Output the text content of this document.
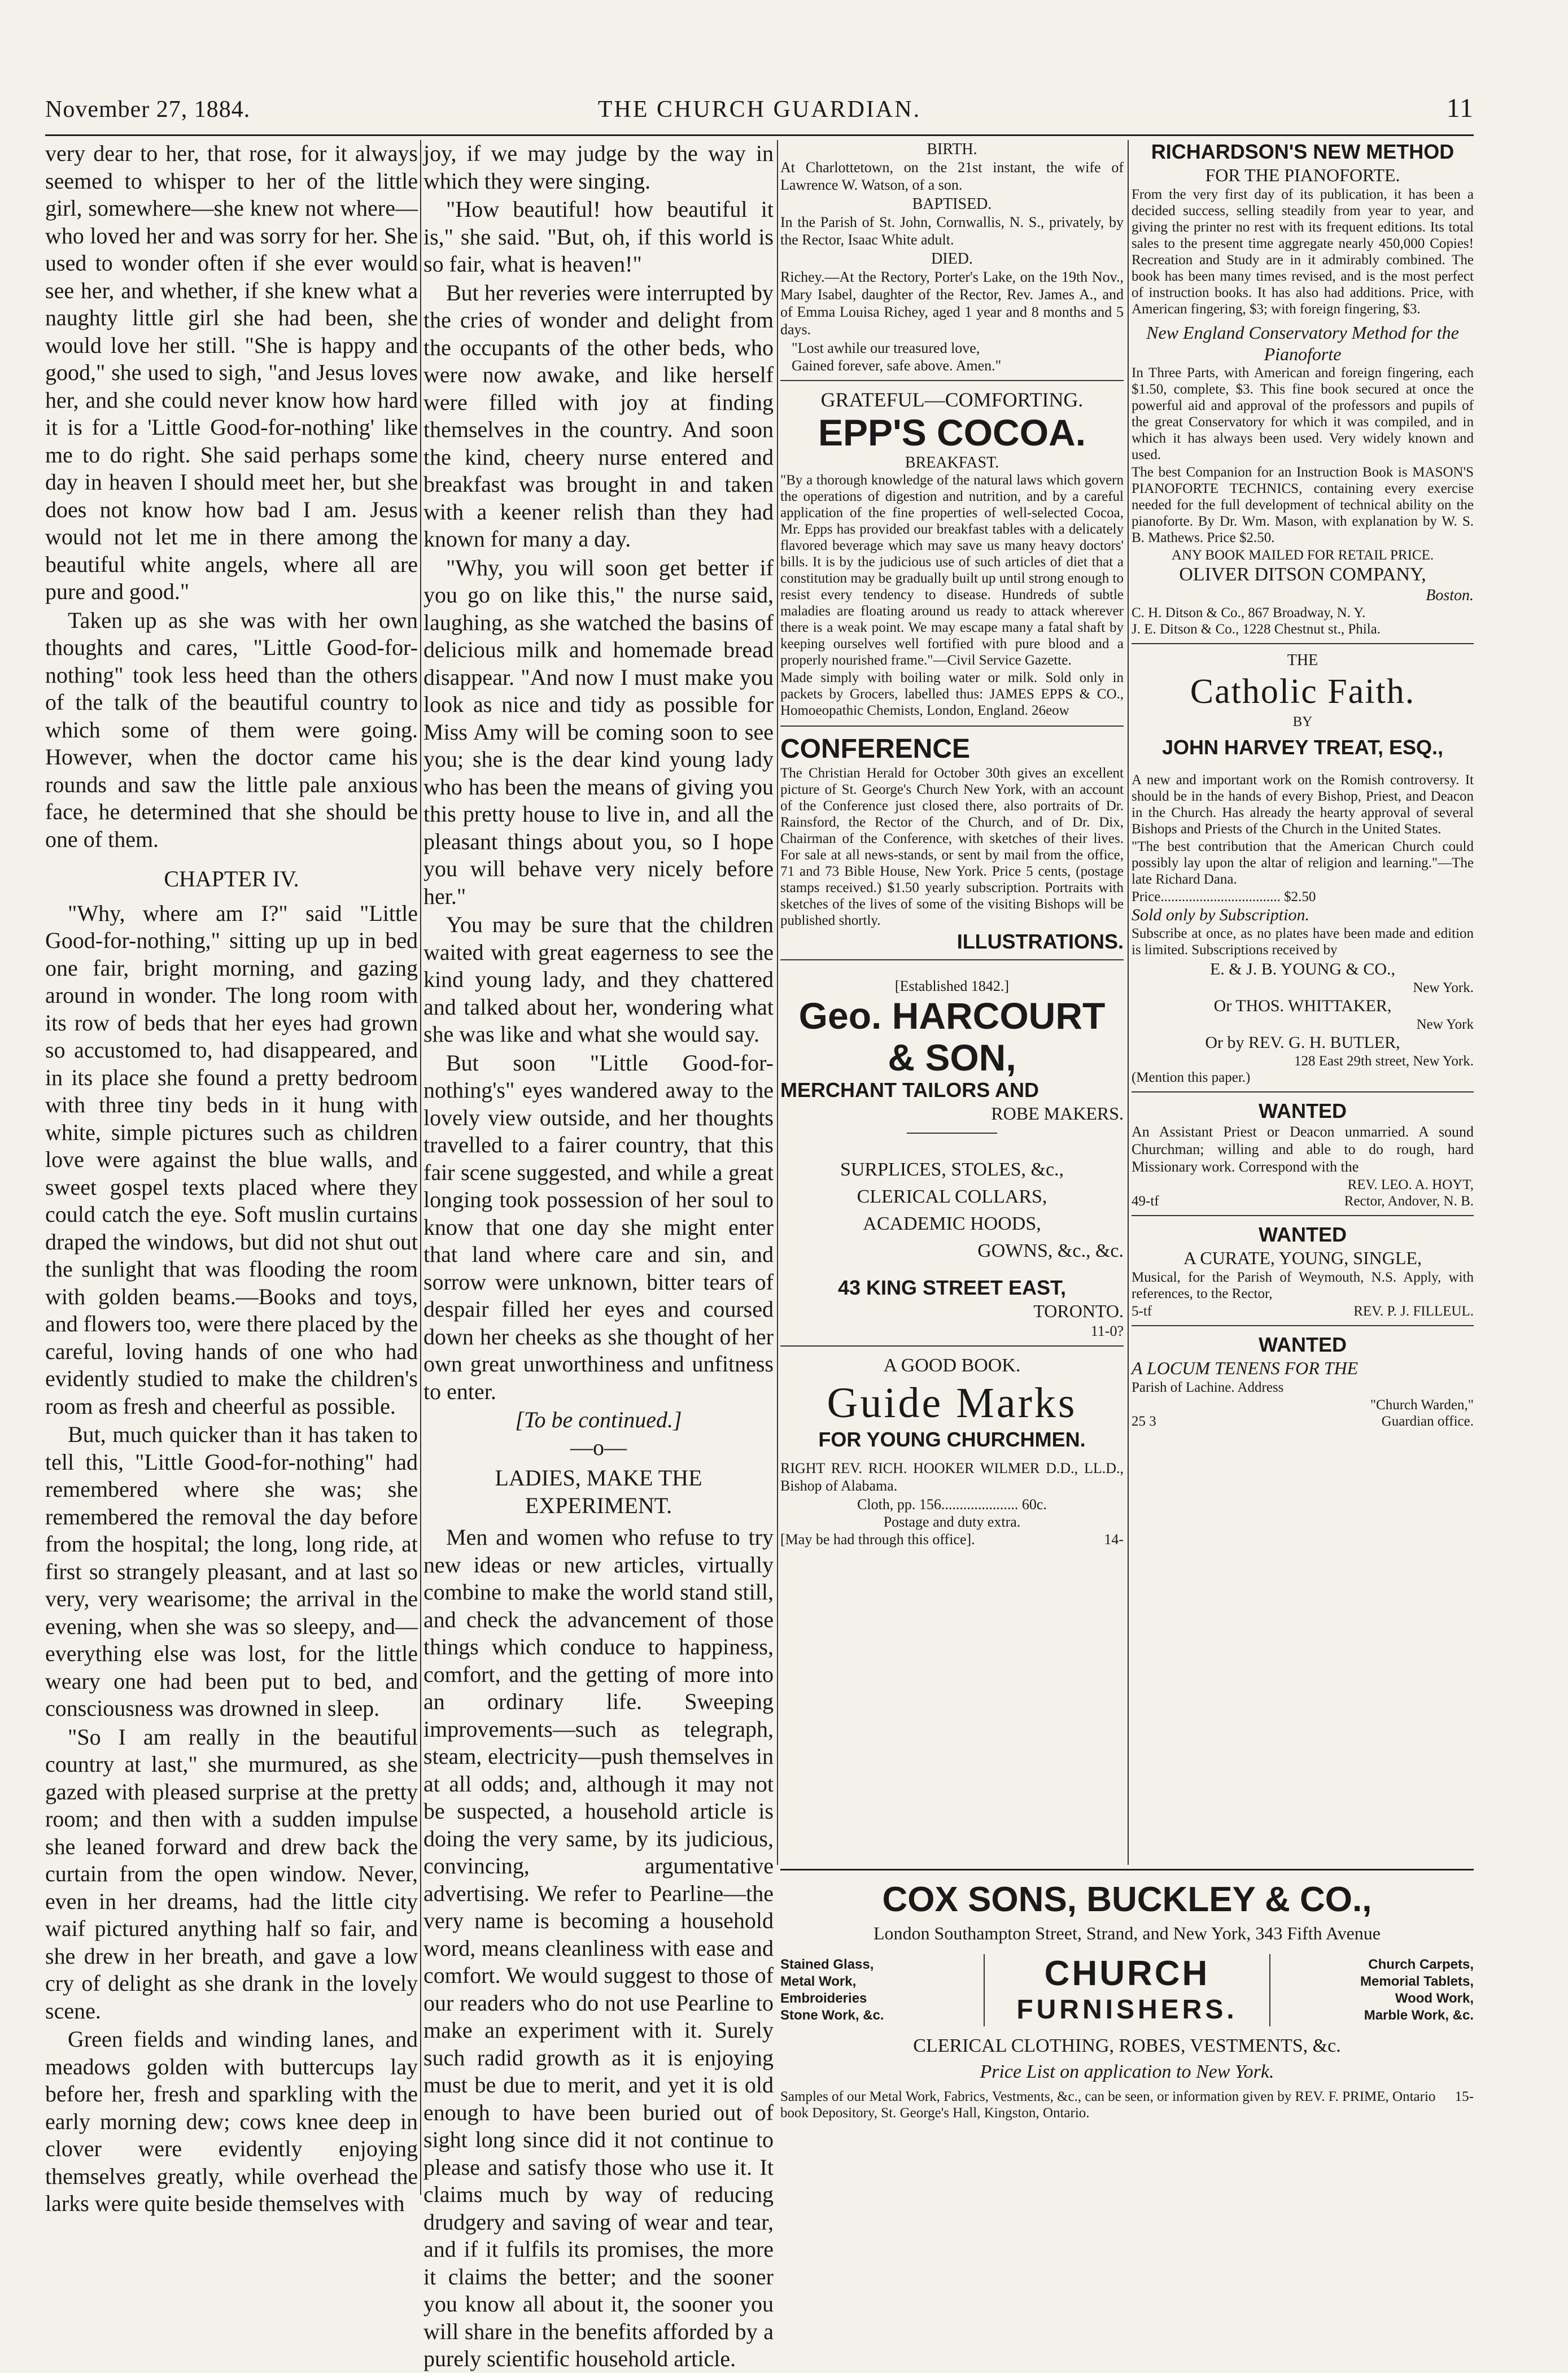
November 27, 1884.	THE CHURCH GUARDIAN.	11

very dear to her, that rose, for it always seemed to whisper to her of the little girl, somewhere—she knew not where—who loved her and was sorry for her. She used to wonder often if she ever would see her, and whether, if she knew what a naughty little girl she had been, she would love her still. "She is happy and good," she used to sigh, "and Jesus loves her, and she could never know how hard it is for a 'Little Good-for-nothing' like me to do right. She said perhaps some day in heaven I should meet her, but she does not know how bad I am. Jesus would not let me in there among the beautiful white angels, where all are pure and good."

Taken up as she was with her own thoughts and cares, "Little Good-for-nothing" took less heed than the others of the talk of the beautiful country to which some of them were going. However, when the doctor came his rounds and saw the little pale anxious face, he determined that she should be one of them.

CHAPTER IV.

"Why, where am I?" said "Little Good-for-nothing," sitting up up in bed one fair, bright morning, and gazing around in wonder. The long room with its row of beds that her eyes had grown so accustomed to, had disappeared, and in its place she found a pretty bedroom with three tiny beds in it hung with white, simple pictures such as children love were against the blue walls, and sweet gospel texts placed where they could catch the eye. Soft muslin curtains draped the windows, but did not shut out the sunlight that was flooding the room with golden beams.—Books and toys, and flowers too, were there placed by the careful, loving hands of one who had evidently studied to make the children's room as fresh and cheerful as possible.

But, much quicker than it has taken to tell this, "Little Good-for-nothing" had remembered where she was; she remembered the removal the day before from the hospital; the long, long ride, at first so strangely pleasant, and at last so very, very wearisome; the arrival in the evening, when she was so sleepy, and—everything else was lost, for the little weary one had been put to bed, and consciousness was drowned in sleep.

"So I am really in the beautiful country at last," she murmured, as she gazed with pleased surprise at the pretty room; and then with a sudden impulse she leaned forward and drew back the curtain from the open window. Never, even in her dreams, had the little city waif pictured anything half so fair, and she drew in her breath, and gave a low cry of delight as she drank in the lovely scene.

Green fields and winding lanes, and meadows golden with buttercups lay before her, fresh and sparkling with the early morning dew; cows knee deep in clover were evidently enjoying themselves greatly, while overhead the larks were quite beside themselves with

joy, if we may judge by the way in which they were singing.

"How beautiful! how beautiful it is," she said. "But, oh, if this world is so fair, what is heaven!"

But her reveries were interrupted by the cries of wonder and delight from the occupants of the other beds, who were now awake, and like herself were filled with joy at finding themselves in the country. And soon the kind, cheery nurse entered and breakfast was brought in and taken with a keener relish than they had known for many a day.

"Why, you will soon get better if you go on like this," the nurse said, laughing, as she watched the basins of delicious milk and homemade bread disappear. "And now I must make you look as nice and tidy as possible for Miss Amy will be coming soon to see you; she is the dear kind young lady who has been the means of giving you this pretty house to live in, and all the pleasant things about you, so I hope you will behave very nicely before her."

You may be sure that the children waited with great eagerness to see the kind young lady, and they chattered and talked about her, wondering what she was like and what she would say.

But soon "Little Good-for-nothing's" eyes wandered away to the lovely view outside, and her thoughts travelled to a fairer country, that this fair scene suggested, and while a great longing took possession of her soul to know that one day she might enter that land where care and sin, and sorrow were unknown, bitter tears of despair filled her eyes and coursed down her cheeks as she thought of her own great unworthiness and unfitness to enter.

[To be continued.]
—o—
LADIES, MAKE THE EXPERIMENT.

Men and women who refuse to try new ideas or new articles, virtually combine to make the world stand still, and check the advancement of those things which conduce to happiness, comfort, and the getting of more into an ordinary life. Sweeping improvements—such as telegraph, steam, electricity—push themselves in at all odds; and, although it may not be suspected, a household article is doing the very same, by its judicious, convincing, argumentative advertising. We refer to Pearline—the very name is becoming a household word, means cleanliness with ease and comfort. We would suggest to those of our readers who do not use Pearline to make an experiment with it. Surely such radid growth as it is enjoying must be due to merit, and yet it is old enough to have been buried out of sight long since did it not continue to please and satisfy those who use it. It claims much by way of reducing drudgery and saving of wear and tear, and if it fulfils its promises, the more it claims the better; and the sooner you know all about it, the sooner you will share in the benefits afforded by a purely scientific household article.

BIRTH.

At Charlottetown, on the 21st instant, the wife of Lawrence W. Watson, of a son.

BAPTISED.

In the Parish of St. John, Cornwallis, N. S., privately, by the Rector, Isaac White adult.

DIED.

Richey.—At the Rectory, Porter's Lake, on the 19th Nov., Mary Isabel, daughter of the Rector, Rev. James A., and of Emma Louisa Richey, aged 1 year and 8 months and 5 days.

"Lost awhile our treasured love,
Gained forever, safe above. Amen."
GRATEFUL—COMFORTING.
EPP'S COCOA.
BREAKFAST.

"By a thorough knowledge of the natural laws which govern the operations of digestion and nutrition, and by a careful application of the fine properties of well-selected Cocoa, Mr. Epps has provided our breakfast tables with a delicately flavored beverage which may save us many heavy doctors' bills. It is by the judicious use of such articles of diet that a constitution may be gradually built up until strong enough to resist every tendency to disease. Hundreds of subtle maladies are floating around us ready to attack wherever there is a weak point. We may escape many a fatal shaft by keeping ourselves well fortified with pure blood and a properly nourished frame."—Civil Service Gazette.

Made simply with boiling water or milk. Sold only in packets by Grocers, labelled thus: JAMES EPPS & CO., Homoeopathic Chemists, London, England. 26eow

CONFERENCE

The Christian Herald for October 30th gives an excellent picture of St. George's Church New York, with an account of the Conference just closed there, also portraits of Dr. Rainsford, the Rector of the Church, and of Dr. Dix, Chairman of the Conference, with sketches of their lives. For sale at all news-stands, or sent by mail from the office, 71 and 73 Bible House, New York. Price 5 cents, (postage stamps received.) $1.50 yearly subscription. Portraits with sketches of the lives of some of the visiting Bishops will be published shortly.

ILLUSTRATIONS.
[Established 1842.]
Geo. HARCOURT
& SON,
MERCHANT TAILORS AND
ROBE MAKERS.
SURPLICES, STOLES, &c.,
CLERICAL COLLARS,
ACADEMIC HOODS,
GOWNS, &c., &c.
43 KING STREET EAST,
TORONTO.
11-0?
A GOOD BOOK.
Guide Marks
FOR YOUNG CHURCHMEN.

RIGHT REV. RICH. HOOKER WILMER D.D., LL.D., Bishop of Alabama.

Cloth, pp. 156..................... 60c.
Postage and duty extra.
[May be had through this office].	14-
RICHARDSON'S NEW METHOD
FOR THE PIANOFORTE.

From the very first day of its publication, it has been a decided success, selling steadily from year to year, and giving the printer no rest with its frequent editions. Its total sales to the present time aggregate nearly 450,000 Copies! Recreation and Study are in it admirably combined. The book has been many times revised, and is the most perfect of instruction books. It has also had additions. Price, with American fingering, $3; with foreign fingering, $3.

New England Conservatory Method for the Pianoforte

In Three Parts, with American and foreign fingering, each $1.50, complete, $3. This fine book secured at once the powerful aid and approval of the professors and pupils of the great Conservatory for which it was compiled, and in which it has always been used. Very widely known and used.

The best Companion for an Instruction Book is MASON'S PIANOFORTE TECHNICS, containing every exercise needed for the full development of technical ability on the pianoforte. By Dr. Wm. Mason, with explanation by W. S. B. Mathews. Price $2.50.

ANY BOOK MAILED FOR RETAIL PRICE.
OLIVER DITSON COMPANY,
Boston.
C. H. Ditson & Co., 867 Broadway, N. Y.
J. E. Ditson & Co., 1228 Chestnut st., Phila.
THE
Catholic Faith.
BY
JOHN HARVEY TREAT, ESQ.,

A new and important work on the Romish controversy. It should be in the hands of every Bishop, Priest, and Deacon in the Church. Has already the hearty approval of several Bishops and Priests of the Church in the United States.

"The best contribution that the American Church could possibly lay upon the altar of religion and learning."—The late Richard Dana.

Price.................................. $2.50
Sold only by Subscription.

Subscribe at once, as no plates have been made and edition is limited. Subscriptions received by

E. & J. B. YOUNG & CO.,
New York.
Or THOS. WHITTAKER,
New York
Or by REV. G. H. BUTLER,
128 East 29th street, New York.
(Mention this paper.)
WANTED

An Assistant Priest or Deacon unmarried. A sound Churchman; willing and able to do rough, hard Missionary work. Correspond with the

REV. LEO. A. HOYT,
49-tf	Rector, Andover, N. B.
WANTED
A CURATE, YOUNG, SINGLE,

Musical, for the Parish of Weymouth, N.S. Apply, with references, to the Rector,

5-tf	REV. P. J. FILLEUL.
WANTED
A LOCUM TENENS FOR THE

Parish of Lachine. Address

"Church Warden,"
25 3	Guardian office.
COX SONS, BUCKLEY & CO.,
London Southampton Street, Strand, and New York, 343 Fifth Avenue
Stained Glass,
Metal Work,
Embroideries
Stone Work, &c.
CHURCH
FURNISHERS.
Church Carpets,
Memorial Tablets,
Wood Work,
Marble Work, &c.
CLERICAL CLOTHING, ROBES, VESTMENTS, &c.
Price List on application to New York.
Samples of our Metal Work, Fabrics, Vestments, &c., can be seen, or information given by REV. F. PRIME, Ontario book Depository, St. George's Hall, Kingston, Ontario.
15-
